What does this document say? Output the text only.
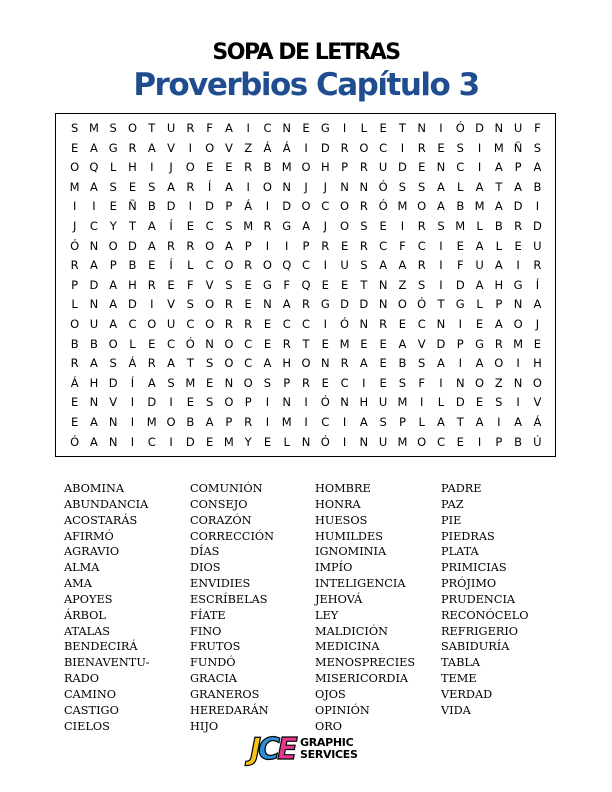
SOPA DE LETRAS
Proverbios Capítulo 3
S M S O T	U R	F	A	I	C N E G	I	L	E	T N	I	Ó D N U	F
E	A G R A V	I	O V Z Á Á	I	D R O C	I	R	E	S	I	M Ñ S
O Q	L	H	I	J	O E	E	R B M O H P	R U D E N C	I	A	P	A
M A	S	E	S	A R	Í	A	I	O N	J	J	N N Ó S	S	A	L	A	T	A B
I	I	E Ñ B D	I	D P	Á	I	D O C O R Ó M O A B M A D	I
J	C	Y	T	A	Í	E	C	S M R G A	J	O S	E	I	R	S M L	B R D
Ó N O D A R R O A	P	I	I	P	R	E	R C	F	C	I	E	A	L	E U
R A	P	B	E	Í	L	C O R O Q C	I	U S	A A R	I	F	U A	I	R
P D A H R	E	F	V	S	E G	F Q E	E	T N Z	S	I	D A H G	Í
L	N A D	I	V	S O R	E N A R G D D N O Ó T G	L	P	N A
O U A C O U C O R R	E	C C	I	Ó N R	E	C N	I	E	A O	J
B B O	L	E	C Ó N O C	E	R	T	E M E	E	A V D P G R M E
R A	S	Á R A	T	S O C A H O N R A	E	B	S	A	I	A O	I	H
Á H D	Í	A	S M E N O S	P	R	E	C	I	E	S	F	I	N O Z N O
E N V	I	D	I	E	S O P	I	N	I	Ó N H U M	I	L	D E	S	I	V
E	A N	I	M O B A	P	R	I	M	I	C	I	A	S	P	L	A	T	A	I	A Á
Ó A N	I	C	I	D E M Y	E	L	N Ó	I	N U M O C	E	I	P	B Ú
ABOMINA
ABUNDANCIA
ACOSTARÁS
AFIRMÓ
AGRAVIO
ALMA
AMA
APOYES
ÁRBOL
ATALAS
BENDECIRÁ
BIENAVENTU-
RADO
CAMINO
CASTIGO
CIELOS
COMUNIÓN
CONSEJO
CORAZÓN
CORRECCIÓN
DÍAS
DIOS
ENVIDIES
ESCRÍBELAS
FÍATE
FINO
FRUTOS
FUNDÓ
GRACIA
GRANEROS
HEREDARÁN
HIJO
HOMBRE
HONRA
HUESOS
HUMILDES
IGNOMINIA
IMPÍO
INTELIGENCIA
JEHOVÁ
LEY
MALDICIÓN
MEDICINA
MENOSPRECIES
MISERICORDIA
OJOS
OPINIÓN
ORO
PADRE
PAZ
PIE
PIEDRAS
PLATA
PRIMICIAS
PRÓJIMO
PRUDENCIA
RECONÓCELO
REFRIGERIO
SABIDURÍA
TABLA
TEME
VERDAD
VIDA
JCE GRAPHIC
SERVICES
